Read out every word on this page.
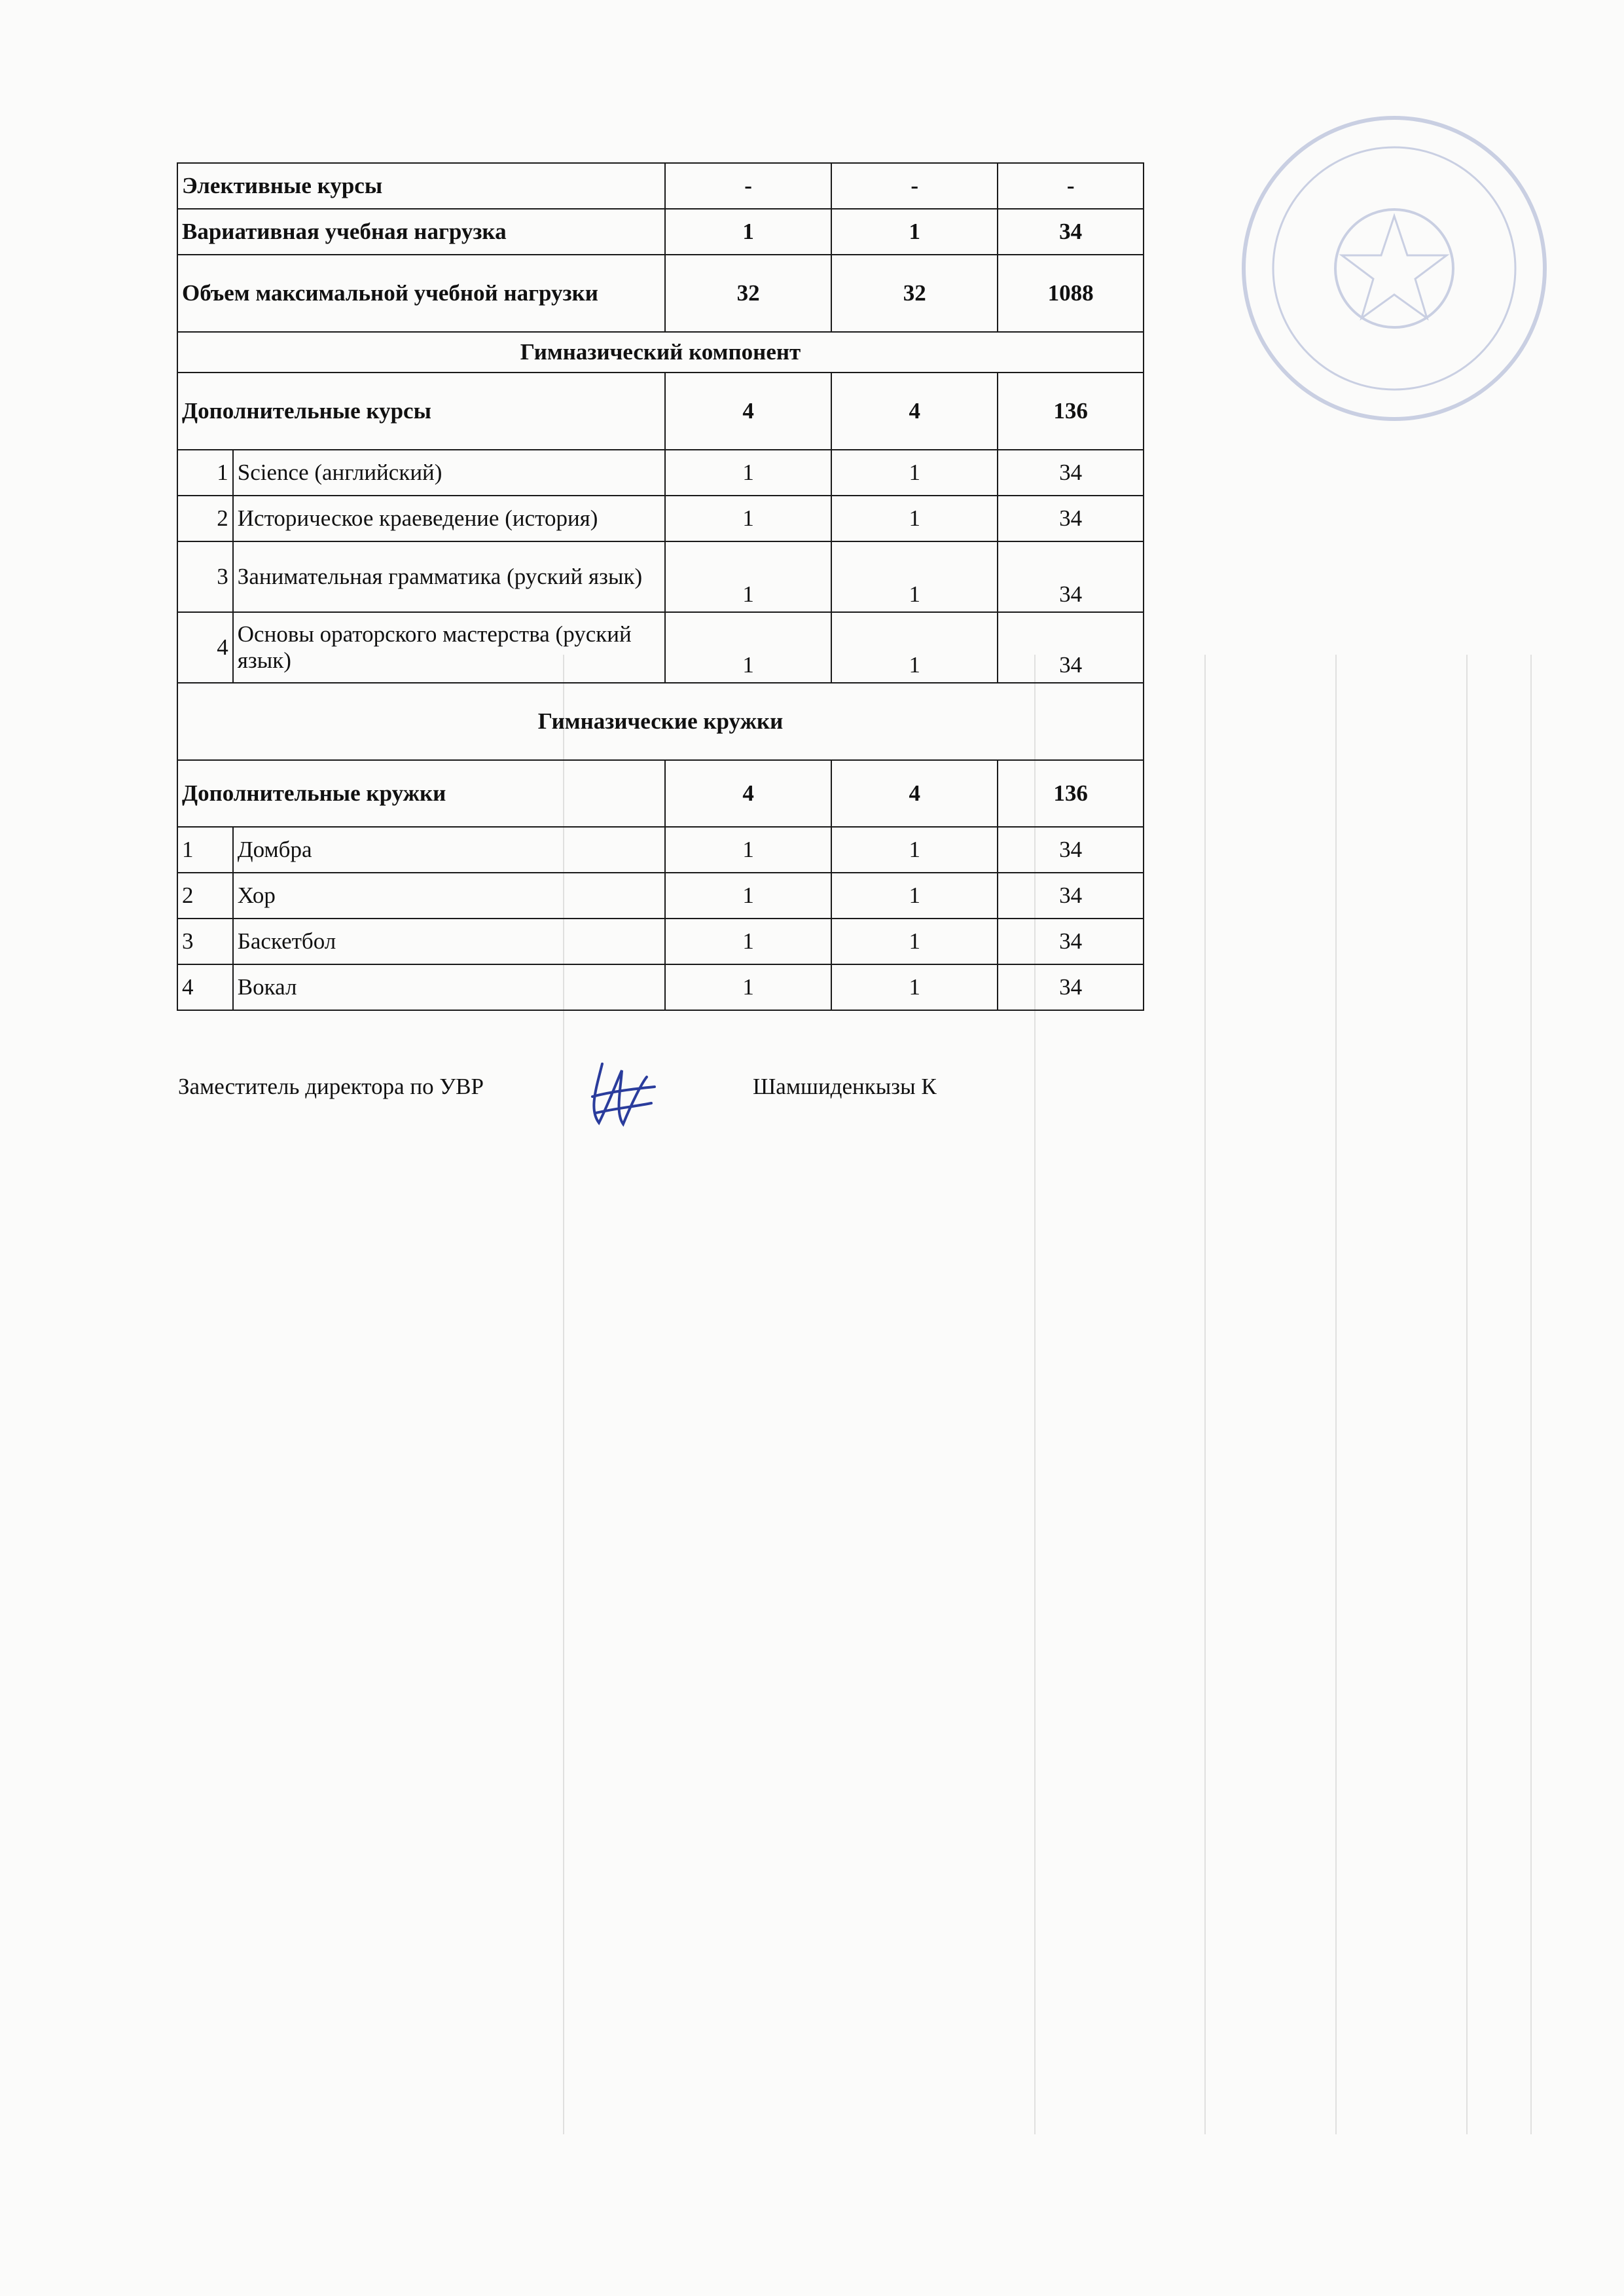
Элективные курсы		-	-	-
Вариативная учебная нагрузка		1	1	34
Объем максимальной учебной нагрузки		32	32	1088
Гимназический компонент				
Дополнительные курсы		4	4	136
1	Science (английский)	1	1	34
2	Историческое краеведение (история)	1	1	34
3	Занимательная грамматика (руский язык)	1	1	34
4	Основы ораторского мастерства (руский язык)	1	1	34
Гимназические кружки				
Дополнительные кружки		4	4	136
1	Домбра	1	1	34
2	Хор	1	1	34
3	Баскетбол	1	1	34
4	Вокал	1	1	34
Заместитель директора по УВР	Шамшиденкызы К
